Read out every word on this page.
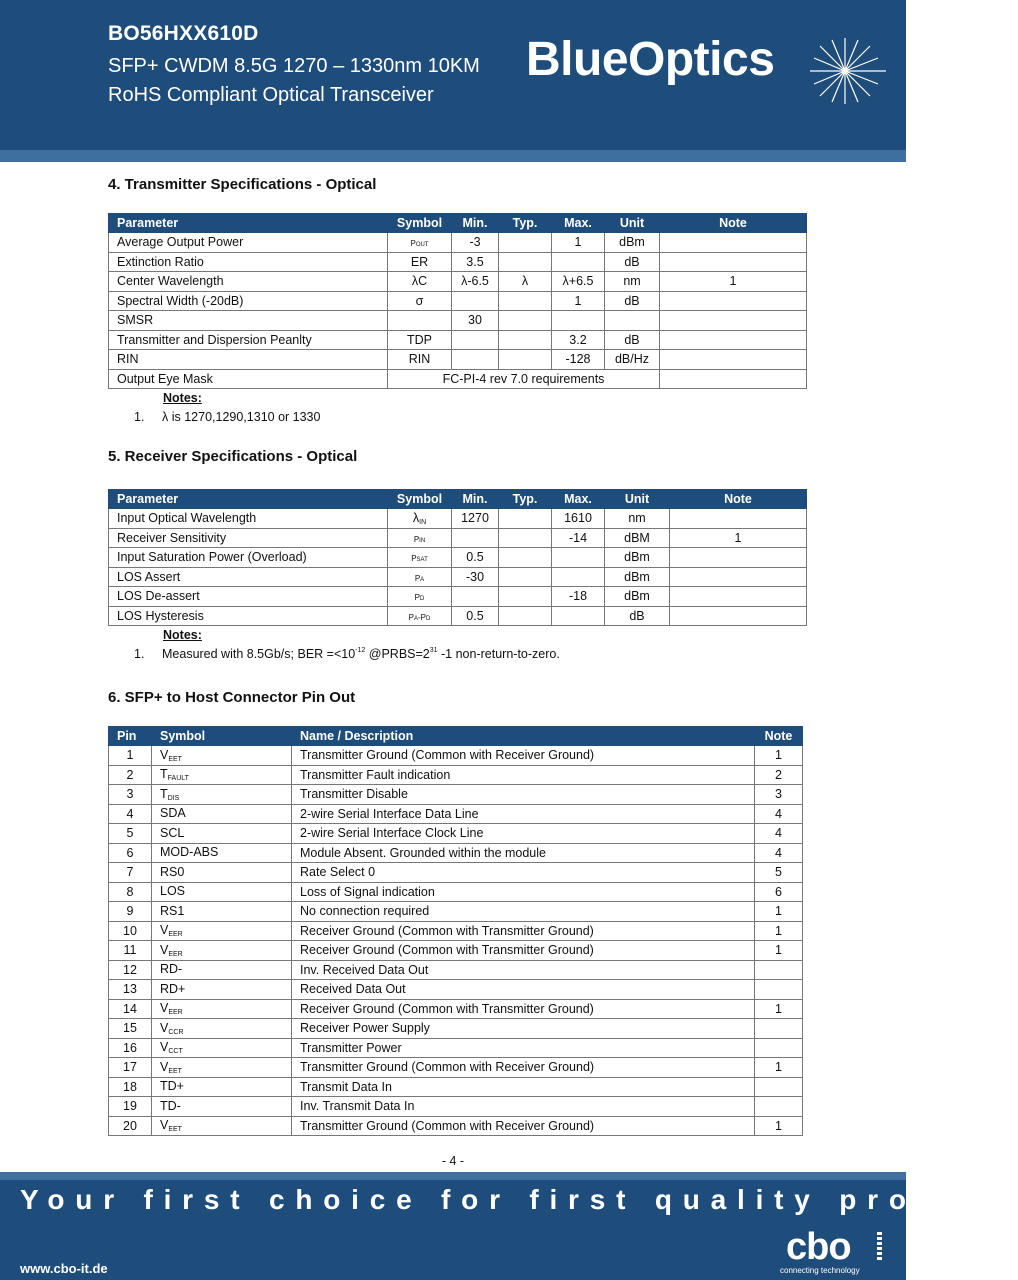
BO56HXX610D
SFP+ CWDM 8.5G 1270 – 1330nm 10KM
RoHS Compliant Optical Transceiver
BlueOptics
4. Transmitter Specifications - Optical
Parameter	Symbol	Min.	Typ.	Max.	Unit	Note
Average Output Power	POUT	-3		1	dBm	
Extinction Ratio	ER	3.5			dB	
Center Wavelength	λC	λ-6.5	λ	λ+6.5	nm	1
Spectral Width (-20dB)	σ			1	dB	
SMSR		30				
Transmitter and Dispersion Peanlty	TDP			3.2	dB	
RIN	RIN			-128	dB/Hz	
Output Eye Mask	FC-PI-4 rev 7.0 requirements					
Notes:
1. λ is 1270,1290,1310 or 1330
5. Receiver Specifications - Optical
Parameter	Symbol	Min.	Typ.	Max.	Unit	Note
Input Optical Wavelength	$\lambda_{IN}$	1270		1610	nm	
Receiver Sensitivity	PIN			-14	dBM	1
Input Saturation Power (Overload)	PSAT	0.5			dBm	
LOS Assert	PA	-30			dBm	
LOS De-assert	PD			-18	dBm	
LOS Hysteresis	PA-PD	0.5			dB	
Notes:
1. Measured with 8.5Gb/s; BER $=<10^{-12}$ $@PRBS=2^{31}$ -1 non-return-to-zero.
6. SFP+ to Host Connector Pin Out
Pin	Symbol	Name / Description	Note
1	$V_{EET}$	Transmitter Ground (Common with Receiver Ground)	1
2	$T_{FAULT}$	Transmitter Fault indication	2
3	$T_{DIS}$	Transmitter Disable	3
4	SDA	2-wire Serial Interface Data Line	4
5	SCL	2-wire Serial Interface Clock Line	4
6	MOD-ABS	Module Absent. Grounded within the module	4
7	RS0	Rate Select 0	5
8	LOS	Loss of Signal indication	6
9	RS1	No connection required	1
10	$V_{EER}$	Receiver Ground (Common with Transmitter Ground)	1
11	$V_{EER}$	Receiver Ground (Common with Transmitter Ground)	1
12	RD-	Inv. Received Data Out	
13	RD+	Received Data Out	
14	$V_{EER}$	Receiver Ground (Common with Transmitter Ground)	1
15	$V_{CCR}$	Receiver Power Supply	
16	$V_{CCT}$	Transmitter Power	
17	$V_{EET}$	Transmitter Ground (Common with Receiver Ground)	1
18	TD+	Transmit Data In	
19	TD-	Inv. Transmit Data In	
20	$V_{EET}$	Transmitter Ground (Common with Receiver Ground)	1
- 4 -
Your first choice for first quality prodcts
www.cbo-it.de
cbo
connecting technology
